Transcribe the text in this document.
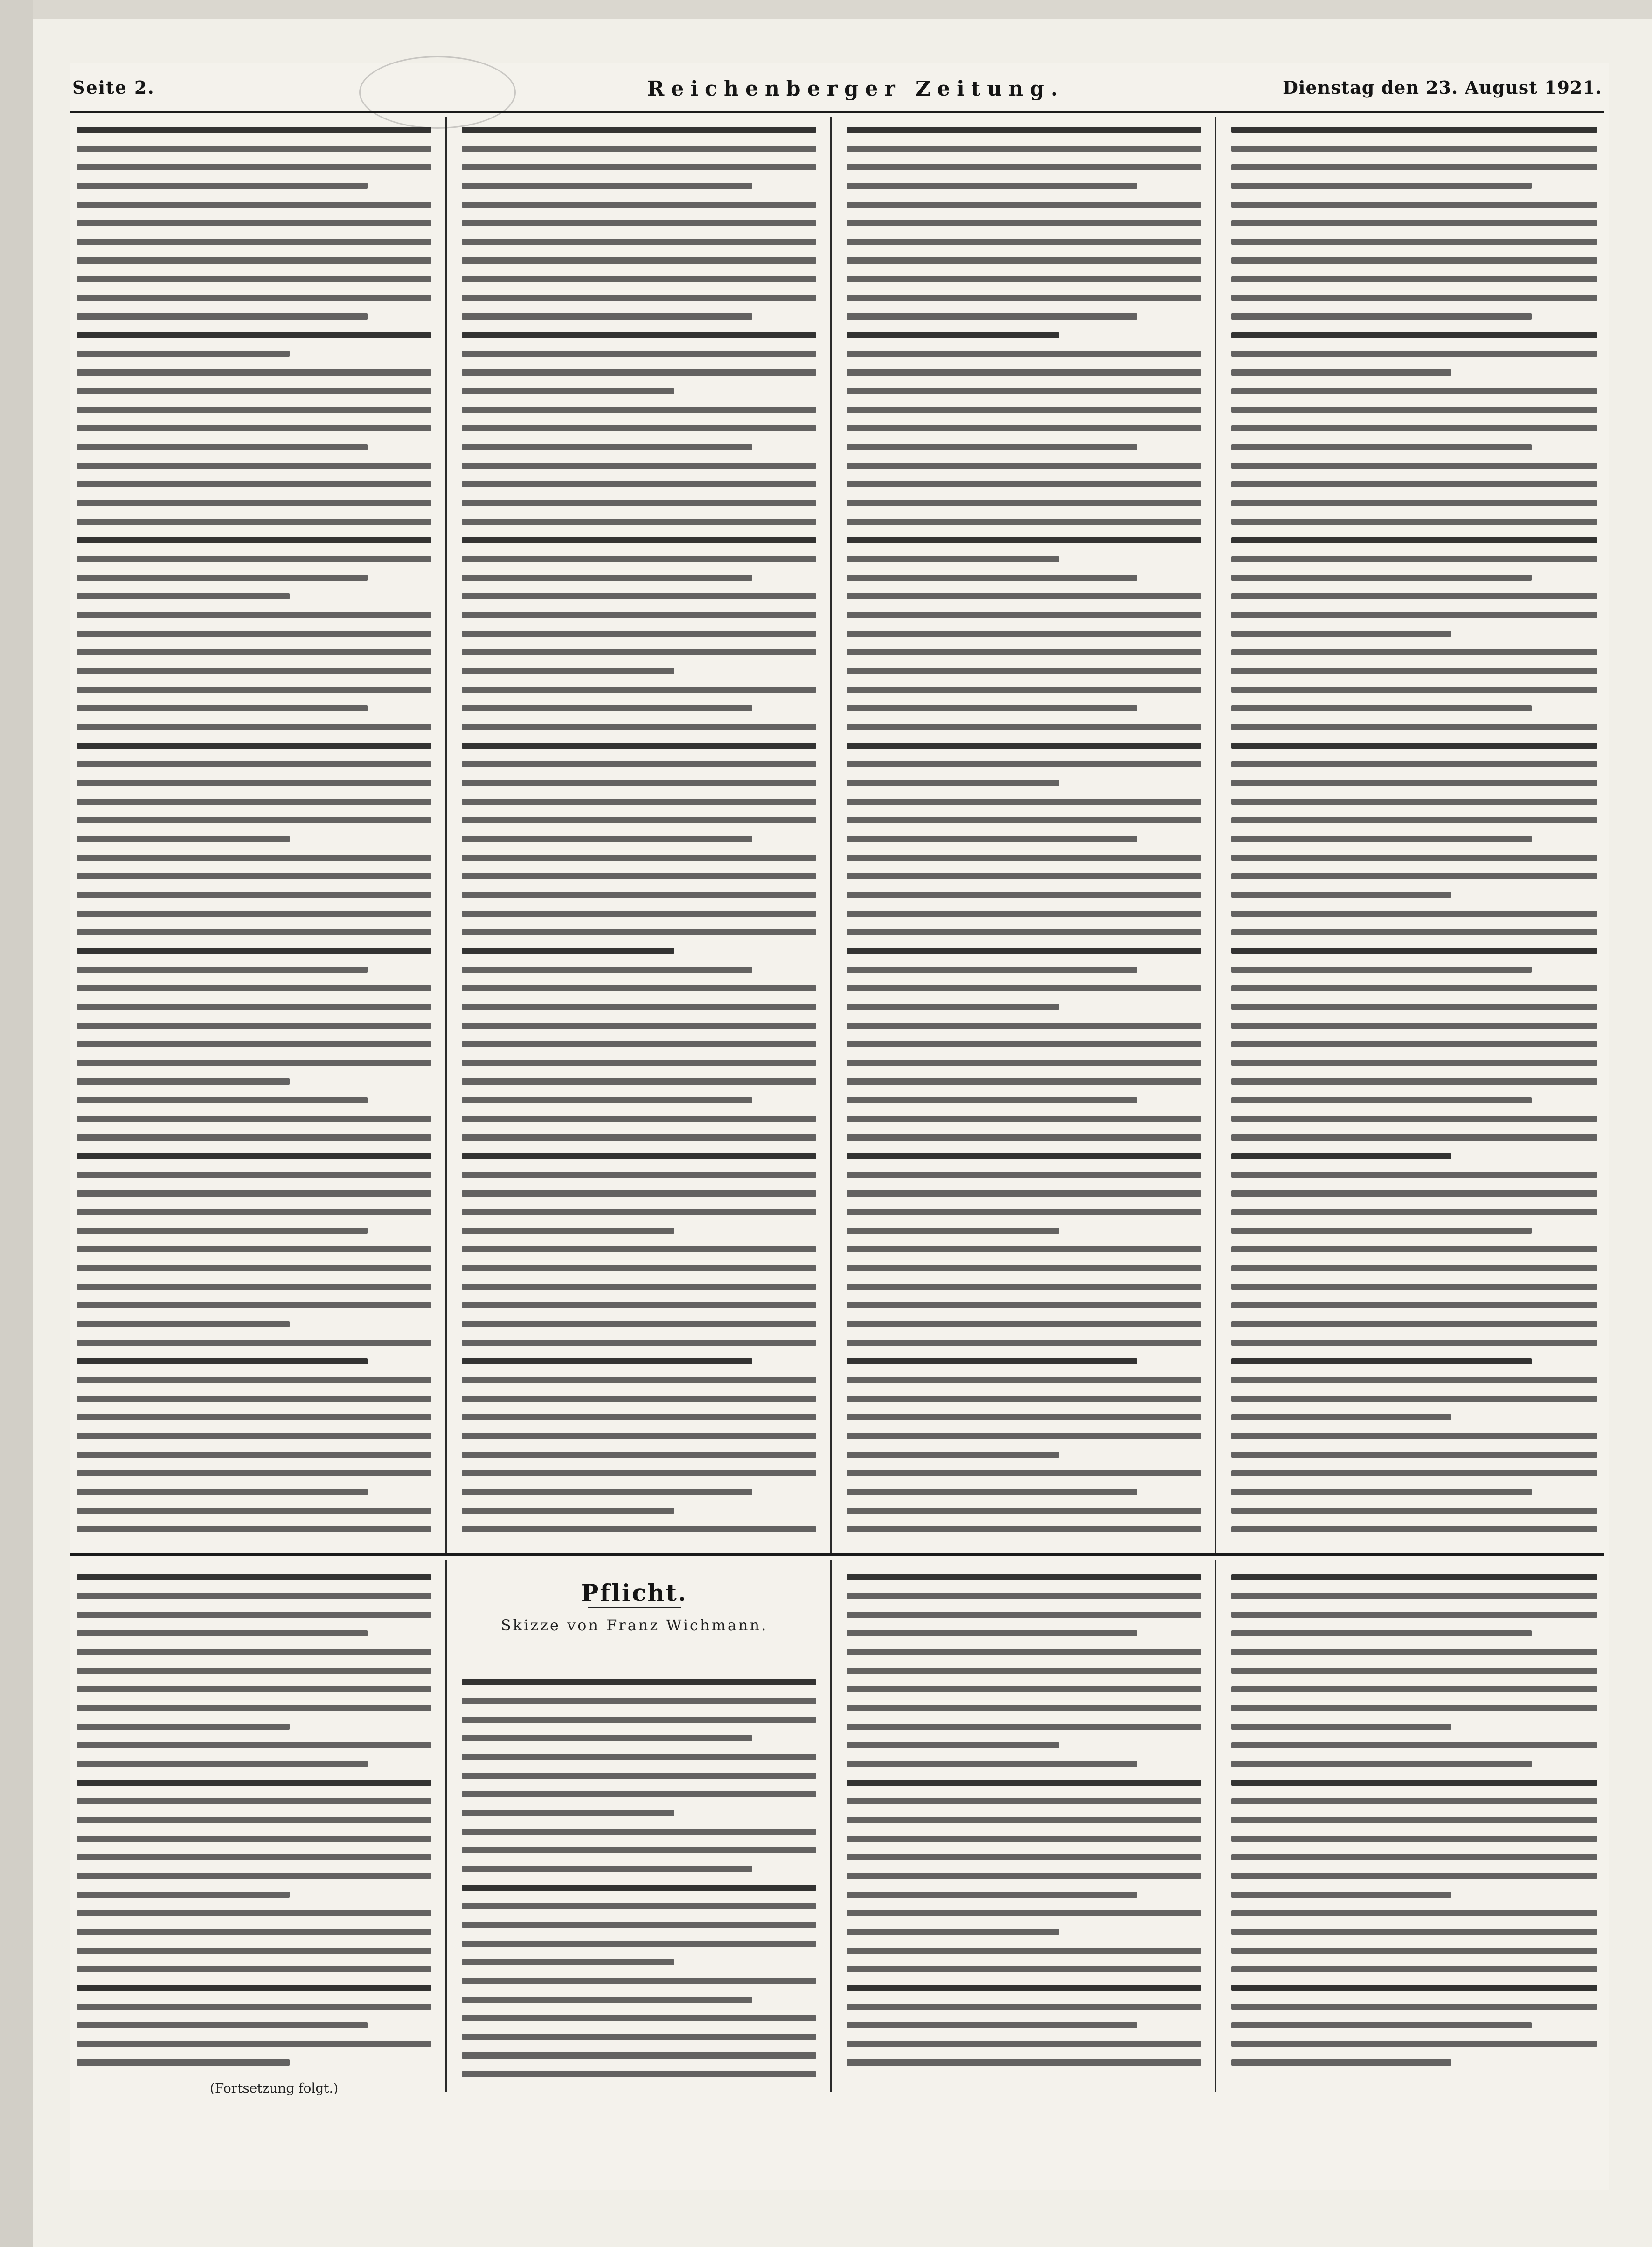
Seite 2.	Reichenberger Zeitung.	Dienstag den 23. August 1921.
Pflicht.
Skizze von Franz Wichmann.
(Fortsetzung folgt.)
